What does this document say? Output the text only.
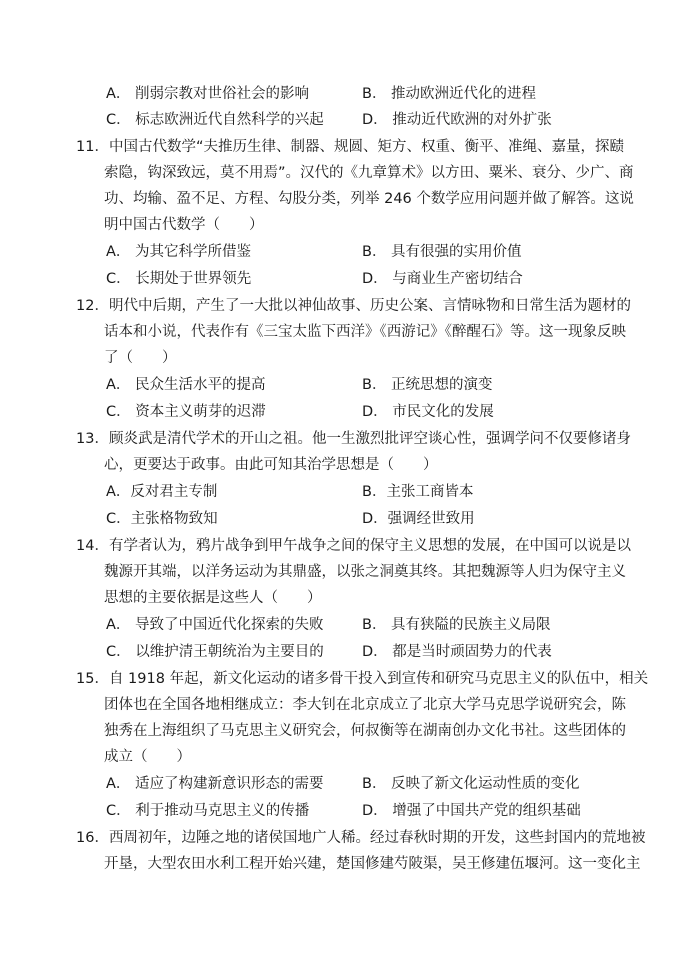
A． 削弱宗教对世俗社会的影响	B． 推动欧洲近代化的进程
C． 标志欧洲近代自然科学的兴起	D． 推动近代欧洲的对外扩张
11．中国古代数学“夫推历生律、制器、规圆、矩方、权重、衡平、准绳、嘉量，探赜
索隐，钩深致远，莫不用焉”。汉代的《九章算术》以方田、粟米、衰分、少广、商
功、均输、盈不足、方程、勾股分类，列举 246 个数学应用问题并做了解答。这说
明中国古代数学（　　）
A． 为其它科学所借鉴	B． 具有很强的实用价值
C． 长期处于世界领先	D． 与商业生产密切结合
12．明代中后期，产生了一大批以神仙故事、历史公案、言情咏物和日常生活为题材的
话本和小说，代表作有《三宝太监下西洋》《西游记》《醉醒石》等。这一现象反映
了（　　）
A． 民众生活水平的提高	B． 正统思想的演变
C． 资本主义萌芽的迟滞	D． 市民文化的发展
13．顾炎武是清代学术的开山之祖。他一生激烈批评空谈心性，强调学问不仅要修诸身
心，更要达于政事。由此可知其治学思想是（　　）
A．反对君主专制	B．主张工商皆本
C．主张格物致知	D．强调经世致用
14．有学者认为，鸦片战争到甲午战争之间的保守主义思想的发展，在中国可以说是以
魏源开其端，以洋务运动为其鼎盛，以张之洞奠其终。其把魏源等人归为保守主义
思想的主要依据是这些人（　　）
A． 导致了中国近代化探索的失败	B． 具有狭隘的民族主义局限
C． 以维护清王朝统治为主要目的	D． 都是当时顽固势力的代表
15．自 1918 年起，新文化运动的诸多骨干投入到宣传和研究马克思主义的队伍中，相关
团体也在全国各地相继成立：李大钊在北京成立了北京大学马克思学说研究会，陈
独秀在上海组织了马克思主义研究会，何叔衡等在湖南创办文化书社。这些团体的
成立（　　）
A． 适应了构建新意识形态的需要	B． 反映了新文化运动性质的变化
C． 利于推动马克思主义的传播	D． 增强了中国共产党的组织基础
16．西周初年，边陲之地的诸侯国地广人稀。经过春秋时期的开发，这些封国内的荒地被
开垦，大型农田水利工程开始兴建，楚国修建芍陂渠，吴王修建伍堰河。这一变化主
